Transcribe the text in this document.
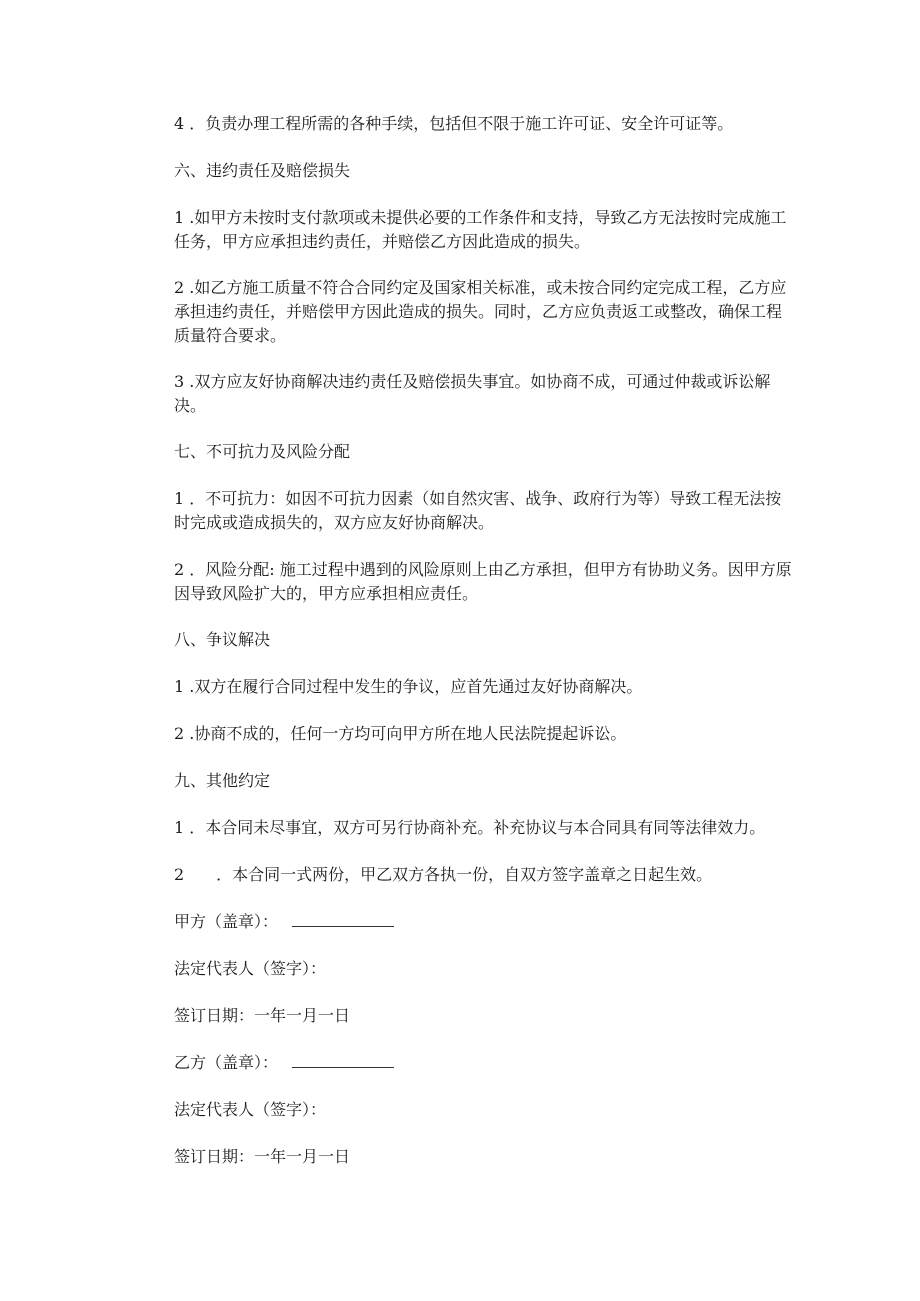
4 ．负责办理工程所需的各种手续，包括但不限于施工许可证、安全许可证等。

六、违约责任及赔偿损失

1 .如甲方未按时支付款项或未提供必要的工作条件和支持，导致乙方无法按时完成施工任务，甲方应承担违约责任，并赔偿乙方因此造成的损失。

2 .如乙方施工质量不符合合同约定及国家相关标准，或未按合同约定完成工程，乙方应承担违约责任，并赔偿甲方因此造成的损失。同时，乙方应负责返工或整改，确保工程质量符合要求。

3 .双方应友好协商解决违约责任及赔偿损失事宜。如协商不成，可通过仲裁或诉讼解决。

七、不可抗力及风险分配

1 ．不可抗力：如因不可抗力因素（如自然灾害、战争、政府行为等）导致工程无法按时完成或造成损失的，双方应友好协商解决。

2 ．风险分配: 施工过程中遇到的风险原则上由乙方承担，但甲方有协助义务。因甲方原因导致风险扩大的，甲方应承担相应责任。

八、争议解决

1 .双方在履行合同过程中发生的争议，应首先通过友好协商解决。

2 .协商不成的，任何一方均可向甲方所在地人民法院提起诉讼。

九、其他约定

1 ．本合同未尽事宜，双方可另行协商补充。补充协议与本合同具有同等法律效力。

2　　．本合同一式两份，甲乙双方各执一份，自双方签字盖章之日起生效。

甲方（盖章）：

法定代表人（签字）：

签订日期：一年一月一日

乙方（盖章）：

法定代表人（签字）：

签订日期：一年一月一日
